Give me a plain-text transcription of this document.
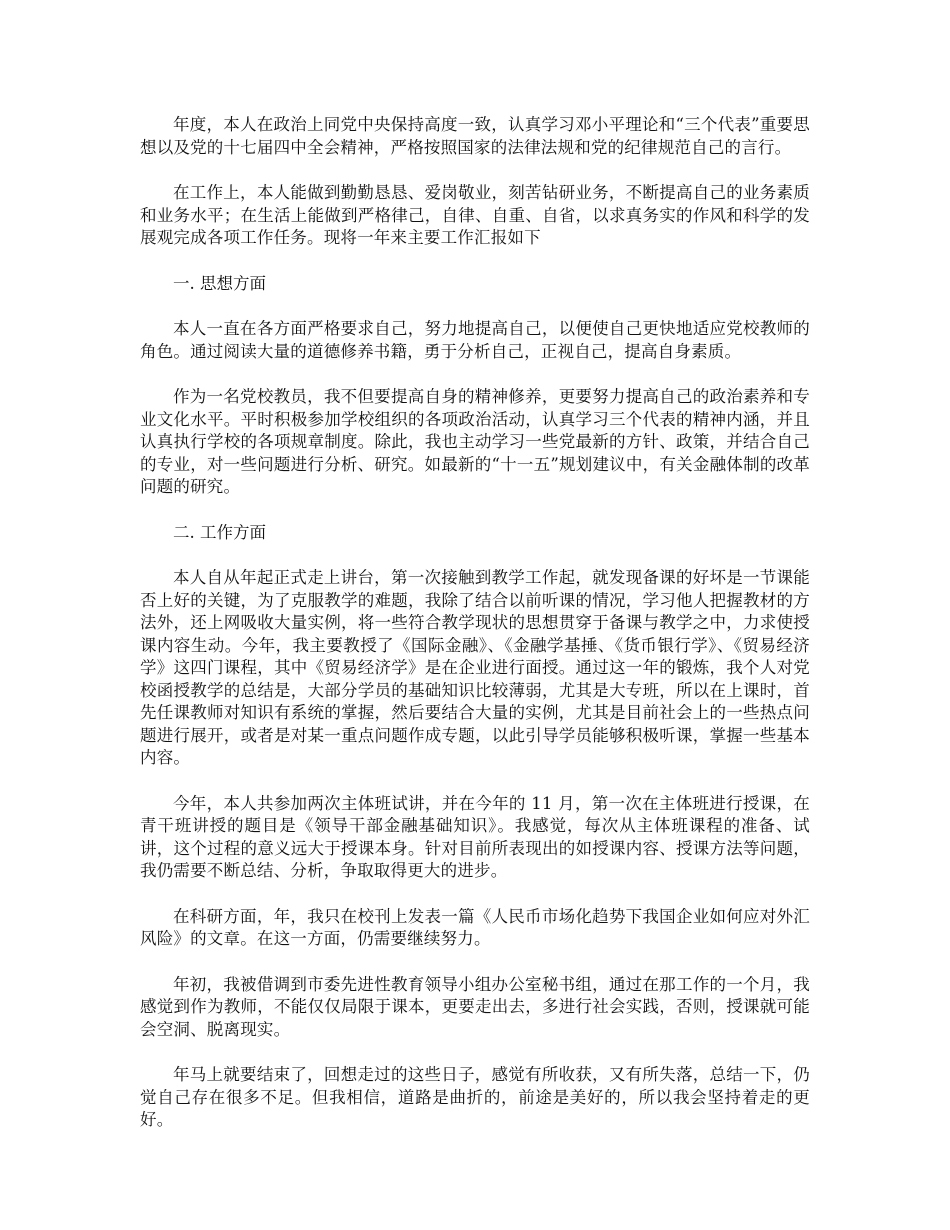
年度，本人在政治上同党中央保持高度一致，认真学习邓小平理论和“三个代表”重要思想以及党的十七届四中全会精神，严格按照国家的法律法规和党的纪律规范自己的言行。

在工作上，本人能做到勤勤恳恳、爱岗敬业，刻苦钻研业务，不断提高自己的业务素质和业务水平；在生活上能做到严格律己，自律、自重、自省，以求真务实的作风和科学的发展观完成各项工作任务。现将一年来主要工作汇报如下

一. 思想方面

本人一直在各方面严格要求自己，努力地提高自己，以便使自己更快地适应党校教师的角色。通过阅读大量的道德修养书籍，勇于分析自己，正视自己，提高自身素质。

作为一名党校教员，我不但要提高自身的精神修养，更要努力提高自己的政治素养和专业文化水平。平时积极参加学校组织的各项政治活动，认真学习三个代表的精神内涵，并且认真执行学校的各项规章制度。除此，我也主动学习一些党最新的方针、政策，并结合自己的专业，对一些问题进行分析、研究。如最新的“十一五”规划建议中，有关金融体制的改革问题的研究。

二. 工作方面

本人自从年起正式走上讲台，第一次接触到教学工作起，就发现备课的好坏是一节课能否上好的关键，为了克服教学的难题，我除了结合以前听课的情况，学习他人把握教材的方法外，还上网吸收大量实例，将一些符合教学现状的思想贯穿于备课与教学之中，力求使授课内容生动。今年，我主要教授了《国际金融》、《金融学基捶、《货币银行学》、《贸易经济学》这四门课程，其中《贸易经济学》是在企业进行面授。通过这一年的锻炼，我个人对党校函授教学的总结是，大部分学员的基础知识比较薄弱，尤其是大专班，所以在上课时，首先任课教师对知识有系统的掌握，然后要结合大量的实例，尤其是目前社会上的一些热点问题进行展开，或者是对某一重点问题作成专题，以此引导学员能够积极听课，掌握一些基本内容。

今年，本人共参加两次主体班试讲，并在今年的 11 月，第一次在主体班进行授课，在青干班讲授的题目是《领导干部金融基础知识》。我感觉，每次从主体班课程的准备、试讲，这个过程的意义远大于授课本身。针对目前所表现出的如授课内容、授课方法等问题，我仍需要不断总结、分析，争取取得更大的进步。

在科研方面，年，我只在校刊上发表一篇《人民币市场化趋势下我国企业如何应对外汇风险》的文章。在这一方面，仍需要继续努力。

年初，我被借调到市委先进性教育领导小组办公室秘书组，通过在那工作的一个月，我感觉到作为教师，不能仅仅局限于课本，更要走出去，多进行社会实践，否则，授课就可能会空洞、脱离现实。

年马上就要结束了，回想走过的这些日子，感觉有所收获，又有所失落，总结一下，仍觉自己存在很多不足。但我相信，道路是曲折的，前途是美好的，所以我会坚持着走的更好。
